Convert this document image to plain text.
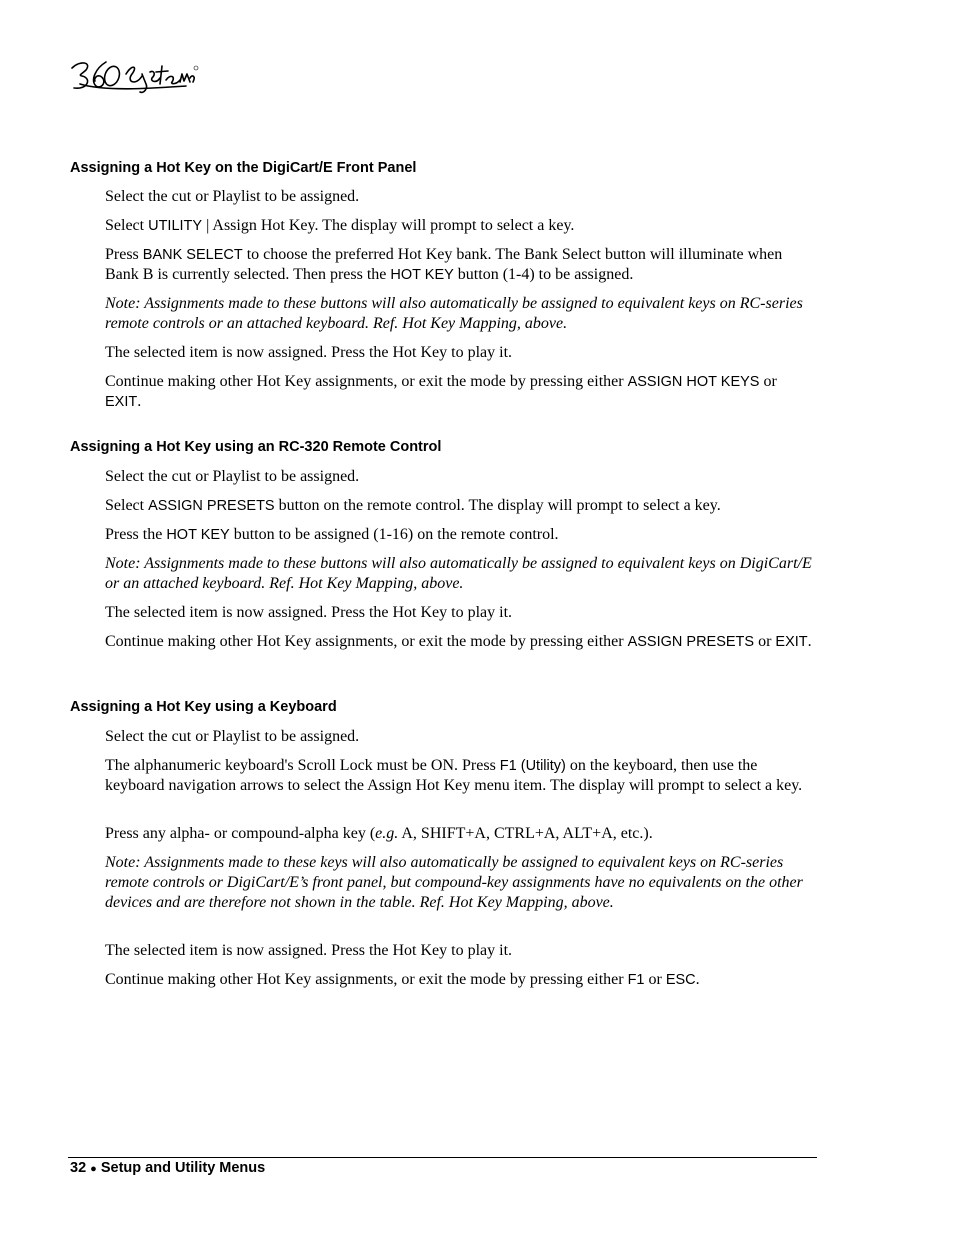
Assigning a Hot Key on the DigiCart/E Front Panel

Select the cut or Playlist to be assigned.

Select UTILITY | Assign Hot Key. The display will prompt to select a key.

Press BANK SELECT to choose the preferred Hot Key bank. The Bank Select button will illuminate when Bank B is currently selected. Then press the HOT KEY button (1-4) to be assigned.

Note: Assignments made to these buttons will also automatically be assigned to equivalent keys on RC-series remote controls or an attached keyboard. Ref. Hot Key Mapping, above.

The selected item is now assigned. Press the Hot Key to play it.

Continue making other Hot Key assignments, or exit the mode by pressing either ASSIGN HOT KEYS or EXIT.

Assigning a Hot Key using an RC-320 Remote Control

Select the cut or Playlist to be assigned.

Select ASSIGN PRESETS button on the remote control. The display will prompt to select a key.

Press the HOT KEY button to be assigned (1-16) on the remote control.

Note: Assignments made to these buttons will also automatically be assigned to equivalent keys on DigiCart/E or an attached keyboard. Ref. Hot Key Mapping, above.

The selected item is now assigned. Press the Hot Key to play it.

Continue making other Hot Key assignments, or exit the mode by pressing either ASSIGN PRESETS or EXIT.

Assigning a Hot Key using a Keyboard

Select the cut or Playlist to be assigned.

The alphanumeric keyboard's Scroll Lock must be ON. Press F1 (Utility) on the keyboard, then use the keyboard navigation arrows to select the Assign Hot Key menu item. The display will prompt to select a key.

Press any alpha- or compound-alpha key (e.g. A, SHIFT+A, CTRL+A, ALT+A, etc.).

Note: Assignments made to these keys will also automatically be assigned to equivalent keys on RC-series remote controls or DigiCart/E’s front panel, but compound-key assignments have no equivalents on the other devices and are therefore not shown in the table. Ref. Hot Key Mapping, above.

The selected item is now assigned. Press the Hot Key to play it.

Continue making other Hot Key assignments, or exit the mode by pressing either F1 or ESC.

32 ● Setup and Utility Menus
